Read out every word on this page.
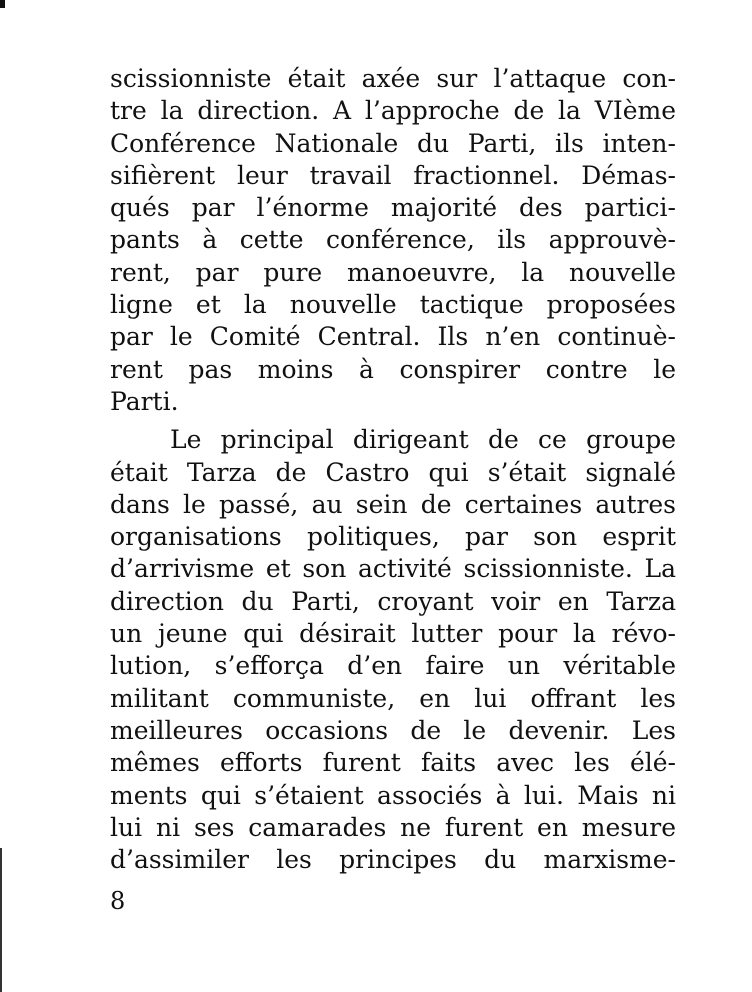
scissionniste était axée sur l’attaque con-
tre la direction. A l’approche de la VIème
Conférence Nationale du Parti, ils inten-
sifièrent leur travail fractionnel. Démas-
qués par l’énorme majorité des partici-
pants à cette conférence, ils approuvè-
rent, par pure manoeuvre, la nouvelle
ligne et la nouvelle tactique proposées
par le Comité Central. Ils n’en continuè-
rent pas moins à conspirer contre le
Parti.
Le principal dirigeant de ce groupe
était Tarza de Castro qui s’était signalé
dans le passé, au sein de certaines autres
organisations politiques, par son esprit
d’arrivisme et son activité scissionniste. La
direction du Parti, croyant voir en Tarza
un jeune qui désirait lutter pour la révo-
lution, s’efforça d’en faire un véritable
militant communiste, en lui offrant les
meilleures occasions de le devenir. Les
mêmes efforts furent faits avec les élé-
ments qui s’étaient associés à lui. Mais ni
lui ni ses camarades ne furent en mesure
d’assimiler les principes du marxisme-
8
